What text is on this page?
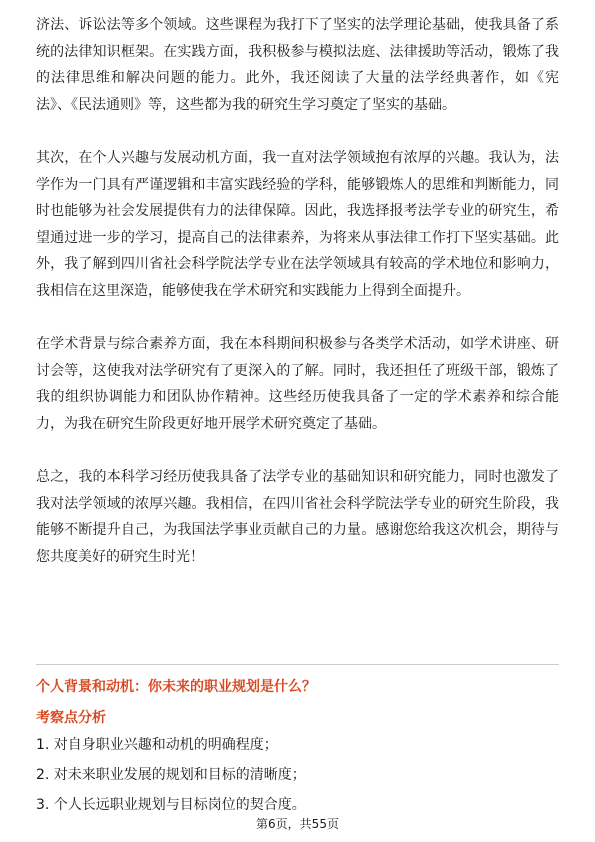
济法、诉讼法等多个领域。这些课程为我打下了坚实的法学理论基础，使我具备了系统的法律知识框架。在实践方面，我积极参与模拟法庭、法律援助等活动，锻炼了我的法律思维和解决问题的能力。此外，我还阅读了大量的法学经典著作，如《宪法》、《民法通则》等，这些都为我的研究生学习奠定了坚实的基础。

其次，在个人兴趣与发展动机方面，我一直对法学领域抱有浓厚的兴趣。我认为，法学作为一门具有严谨逻辑和丰富实践经验的学科，能够锻炼人的思维和判断能力，同时也能够为社会发展提供有力的法律保障。因此，我选择报考法学专业的研究生，希望通过进一步的学习，提高自己的法律素养，为将来从事法律工作打下坚实基础。此外，我了解到四川省社会科学院法学专业在法学领域具有较高的学术地位和影响力，我相信在这里深造，能够使我在学术研究和实践能力上得到全面提升。

在学术背景与综合素养方面，我在本科期间积极参与各类学术活动，如学术讲座、研讨会等，这使我对法学研究有了更深入的了解。同时，我还担任了班级干部，锻炼了我的组织协调能力和团队协作精神。这些经历使我具备了一定的学术素养和综合能力，为我在研究生阶段更好地开展学术研究奠定了基础。

总之，我的本科学习经历使我具备了法学专业的基础知识和研究能力，同时也激发了我对法学领域的浓厚兴趣。我相信，在四川省社会科学院法学专业的研究生阶段，我能够不断提升自己，为我国法学事业贡献自己的力量。感谢您给我这次机会，期待与您共度美好的研究生时光！

个人背景和动机：你未来的职业规划是什么？

考察点分析

1. 对自身职业兴趣和动机的明确程度；
2. 对未来职业发展的规划和目标的清晰度；
3. 个人长远职业规划与目标岗位的契合度。
第6页，共55页
